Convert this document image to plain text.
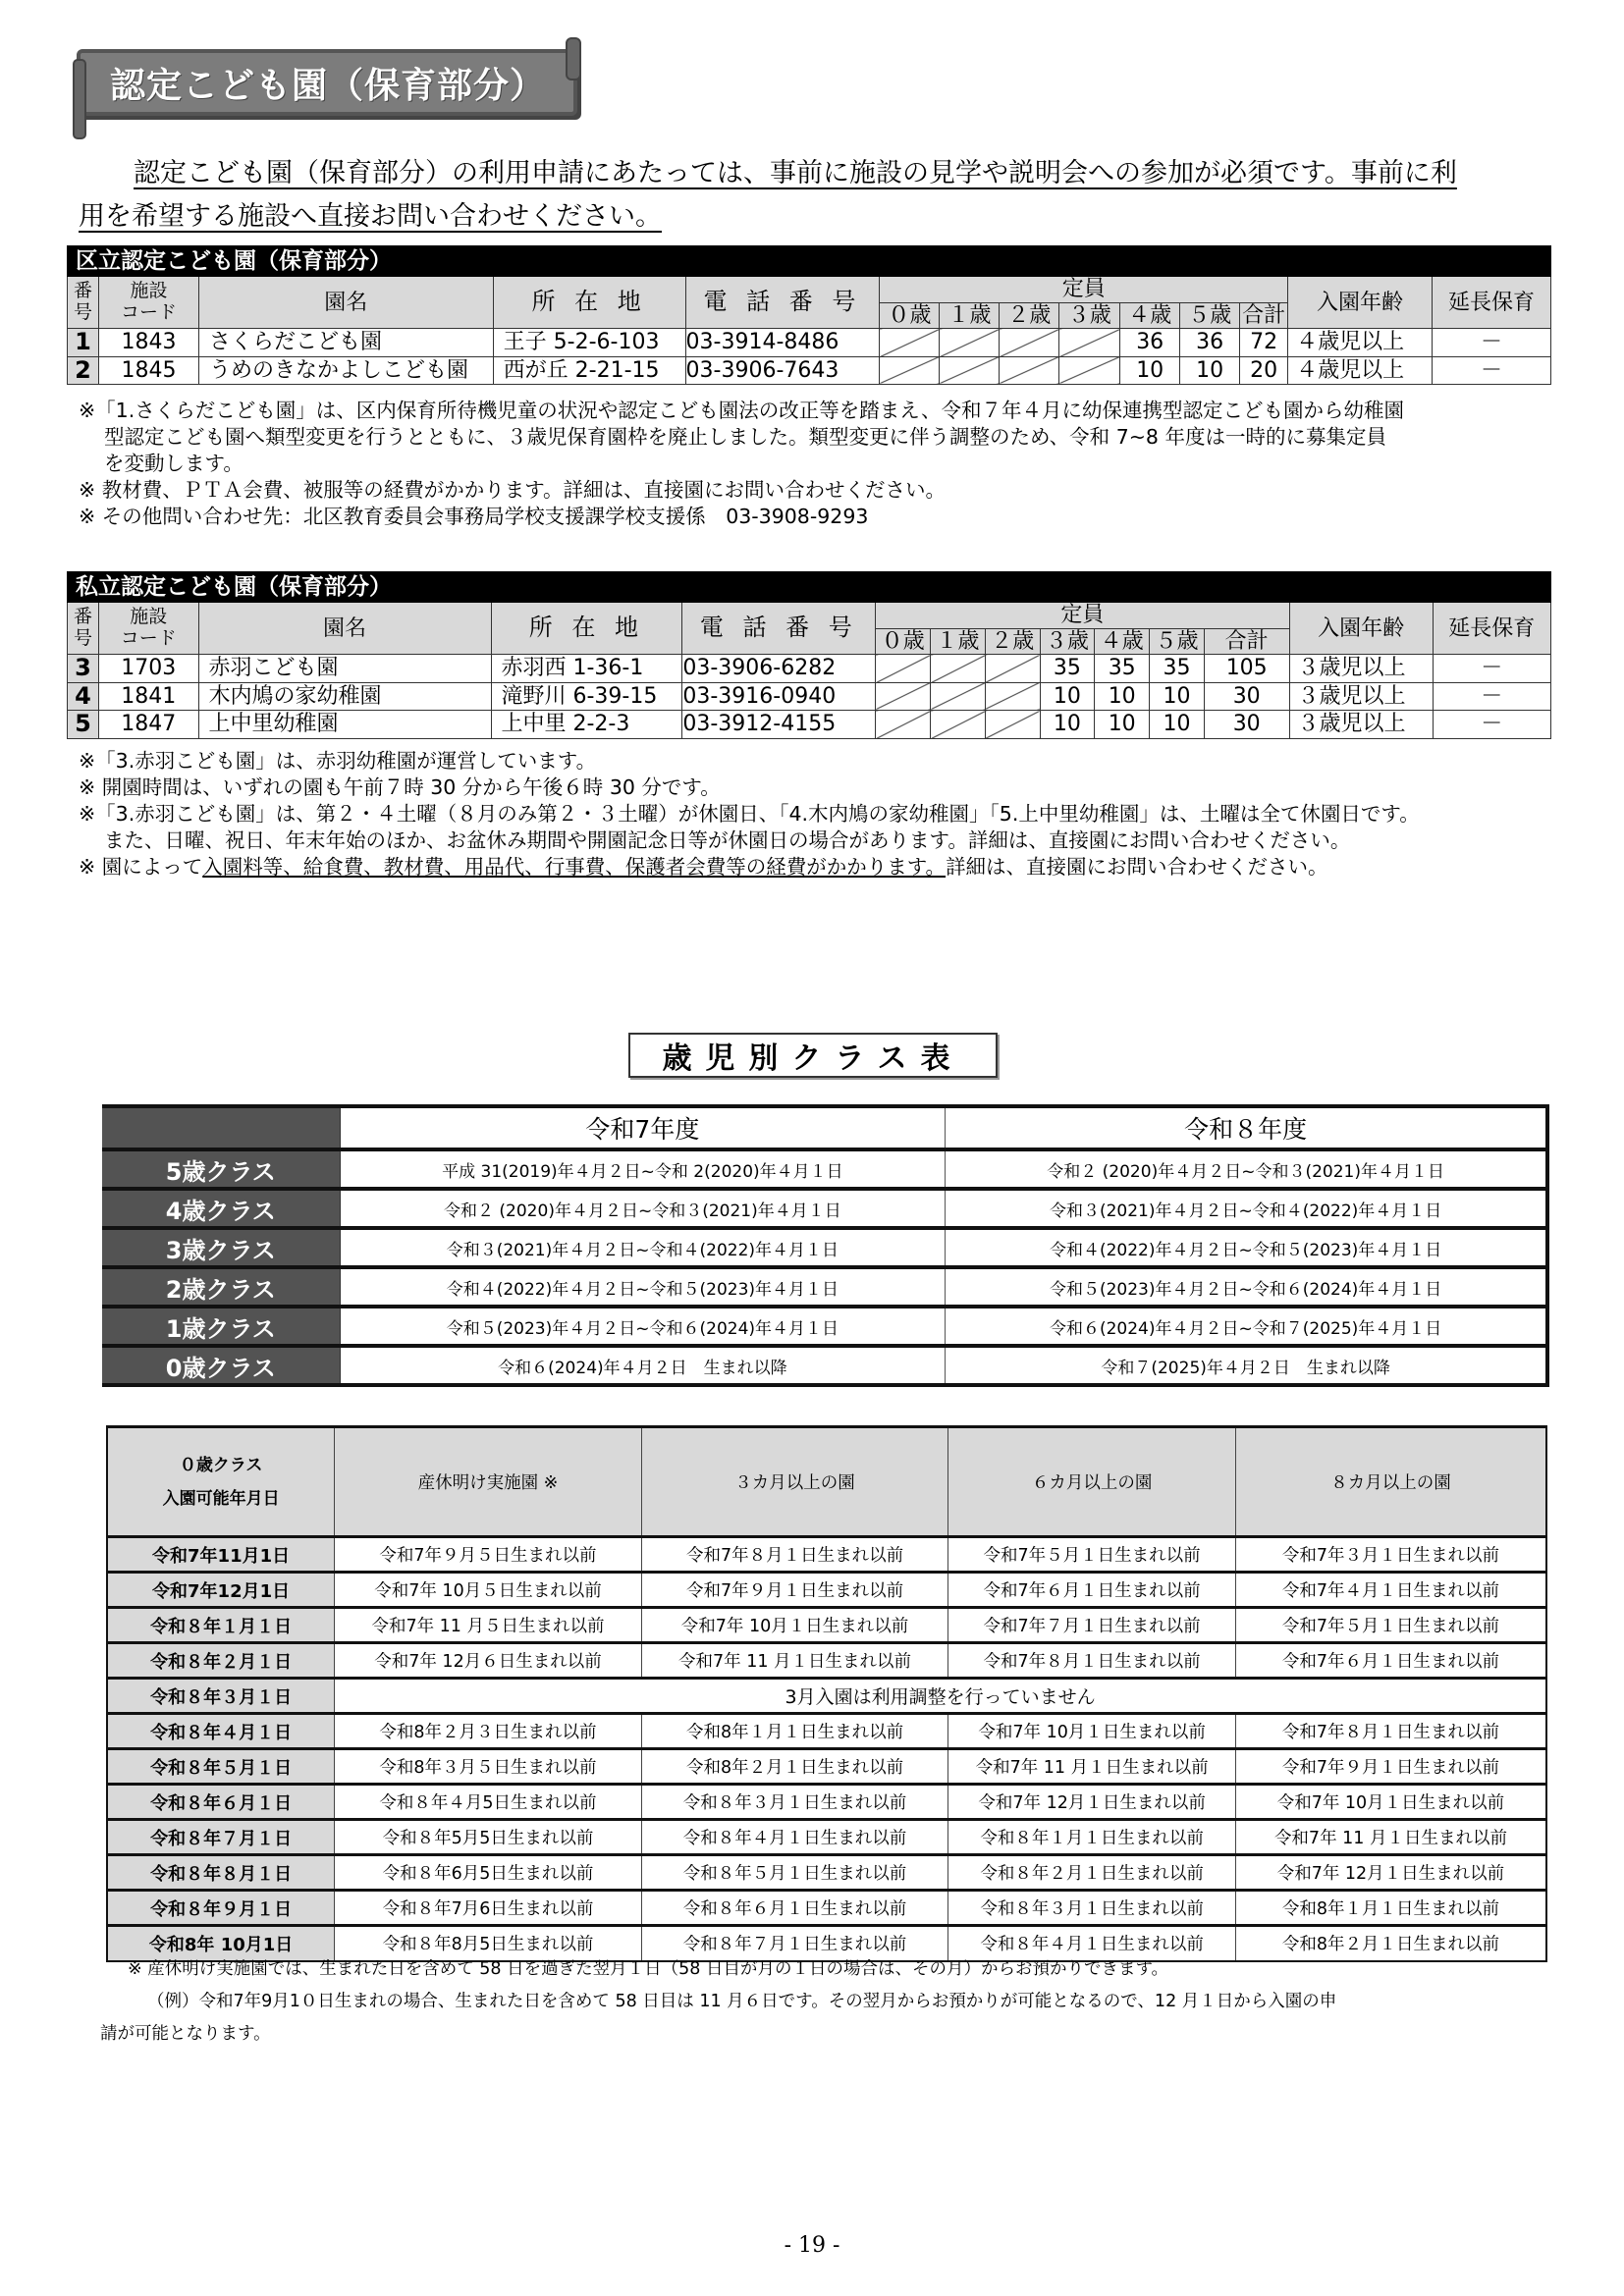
認定こども園（保育部分）
認定こども園（保育部分）の利用申請にあたっては、事前に施設の見学や説明会への参加が必須です。事前に利
用を希望する施設へ直接お問い合わせください。
区立認定こども園（保育部分）													
番号	施設
コード	園名	所 在 地	電 話 番 号	定員							入園年齢	延長保育
					０歳	１歳	２歳	３歳	４歳	５歳	合計		
1	1843	さくらだこども園	王子 5-2-6-103	03-3914-8486					36	36	72	４歳児以上	－
2	1845	うめのきなかよしこども園	西が丘 2-21-15	03-3906-7643					10	10	20	４歳児以上	－

※「1.さくらだこども園」は、区内保育所待機児童の状況や認定こども園法の改正等を踏まえ、令和７年４月に幼保連携型認定こども園から幼稚園
型認定こども園へ類型変更を行うとともに、３歳児保育園枠を廃止しました。類型変更に伴う調整のため、令和 7~8 年度は一時的に募集定員
を変動します。

※ 教材費、ＰＴＡ会費、被服等の経費がかかります。詳細は、直接園にお問い合わせください。

※ その他問い合わせ先：北区教育委員会事務局学校支援課学校支援係　03-3908-9293

私立認定こども園（保育部分）													
番号	施設
コード	園名	所 在 地	電 話 番 号	定員							入園年齢	延長保育
					０歳	１歳	２歳	３歳	４歳	５歳	合計		
3	1703	赤羽こども園	赤羽西 1-36-1	03-3906-6282				35	35	35	105	３歳児以上	－
4	1841	木内鳩の家幼稚園	滝野川 6-39-15	03-3916-0940				10	10	10	30	３歳児以上	－
5	1847	上中里幼稚園	上中里 2-2-3	03-3912-4155				10	10	10	30	３歳児以上	－

※「3.赤羽こども園」は、赤羽幼稚園が運営しています。

※ 開園時間は、いずれの園も午前７時 30 分から午後６時 30 分です。

※「3.赤羽こども園」は、第２・４土曜（８月のみ第２・３土曜）が休園日、「4.木内鳩の家幼稚園」「5.上中里幼稚園」は、土曜は全て休園日です。
また、日曜、祝日、年末年始のほか、お盆休み期間や開園記念日等が休園日の場合があります。詳細は、直接園にお問い合わせください。

※ 園によって入園料等、給食費、教材費、用品代、行事費、保護者会費等の経費がかかります。詳細は、直接園にお問い合わせください。

歳児別クラス表
	令和7年度	令和８年度
5歳クラス	平成 31(2019)年４月２日~令和 2(2020)年４月１日	令和２ (2020)年４月２日~令和３(2021)年４月１日
4歳クラス	令和２ (2020)年４月２日~令和３(2021)年４月１日	令和３(2021)年４月２日~令和４(2022)年４月１日
3歳クラス	令和３(2021)年４月２日~令和４(2022)年４月１日	令和４(2022)年４月２日~令和５(2023)年４月１日
2歳クラス	令和４(2022)年４月２日~令和５(2023)年４月１日	令和５(2023)年４月２日~令和６(2024)年４月１日
1歳クラス	令和５(2023)年４月２日~令和６(2024)年４月１日	令和６(2024)年４月２日~令和７(2025)年４月１日
0歳クラス	令和６(2024)年４月２日　生まれ以降	令和７(2025)年４月２日　生まれ以降
０歳クラス
入園可能年月日	産休明け実施園 ※	３カ月以上の園	６カ月以上の園	８カ月以上の園
令和7年11月1日	令和7年９月５日生まれ以前	令和7年８月１日生まれ以前	令和7年５月１日生まれ以前	令和7年３月１日生まれ以前
令和7年12月1日	令和7年 10月５日生まれ以前	令和7年９月１日生まれ以前	令和7年６月１日生まれ以前	令和7年４月１日生まれ以前
令和８年１月１日	令和7年 11 月５日生まれ以前	令和7年 10月１日生まれ以前	令和7年７月１日生まれ以前	令和7年５月１日生まれ以前
令和８年２月１日	令和7年 12月６日生まれ以前	令和7年 11 月１日生まれ以前	令和7年８月１日生まれ以前	令和7年６月１日生まれ以前
令和８年３月１日	3月入園は利用調整を行っていません			
令和８年４月１日	令和8年２月３日生まれ以前	令和8年１月１日生まれ以前	令和7年 10月１日生まれ以前	令和7年８月１日生まれ以前
令和８年５月１日	令和8年３月５日生まれ以前	令和8年２月１日生まれ以前	令和7年 11 月１日生まれ以前	令和7年９月１日生まれ以前
令和８年６月１日	令和８年４月5日生まれ以前	令和８年３月１日生まれ以前	令和7年 12月１日生まれ以前	令和7年 10月１日生まれ以前
令和８年７月１日	令和８年5月5日生まれ以前	令和８年４月１日生まれ以前	令和８年１月１日生まれ以前	令和7年 11 月１日生まれ以前
令和８年８月１日	令和８年6月5日生まれ以前	令和８年５月１日生まれ以前	令和８年２月１日生まれ以前	令和7年 12月１日生まれ以前
令和８年９月１日	令和８年7月6日生まれ以前	令和８年６月１日生まれ以前	令和８年３月１日生まれ以前	令和8年１月１日生まれ以前
令和8年 10月1日	令和８年8月5日生まれ以前	令和８年７月１日生まれ以前	令和８年４月１日生まれ以前	令和8年２月１日生まれ以前

※ 産休明け実施園では、生まれた日を含めて 58 日を過ぎた翌月１日（58 日目が月の１日の場合は、その月）からお預かりできます。

（例）令和7年9月1０日生まれの場合、生まれた日を含めて 58 日目は 11 月６日です。その翌月からお預かりが可能となるので、12 月１日から入園の申

請が可能となります。

- 19 -
